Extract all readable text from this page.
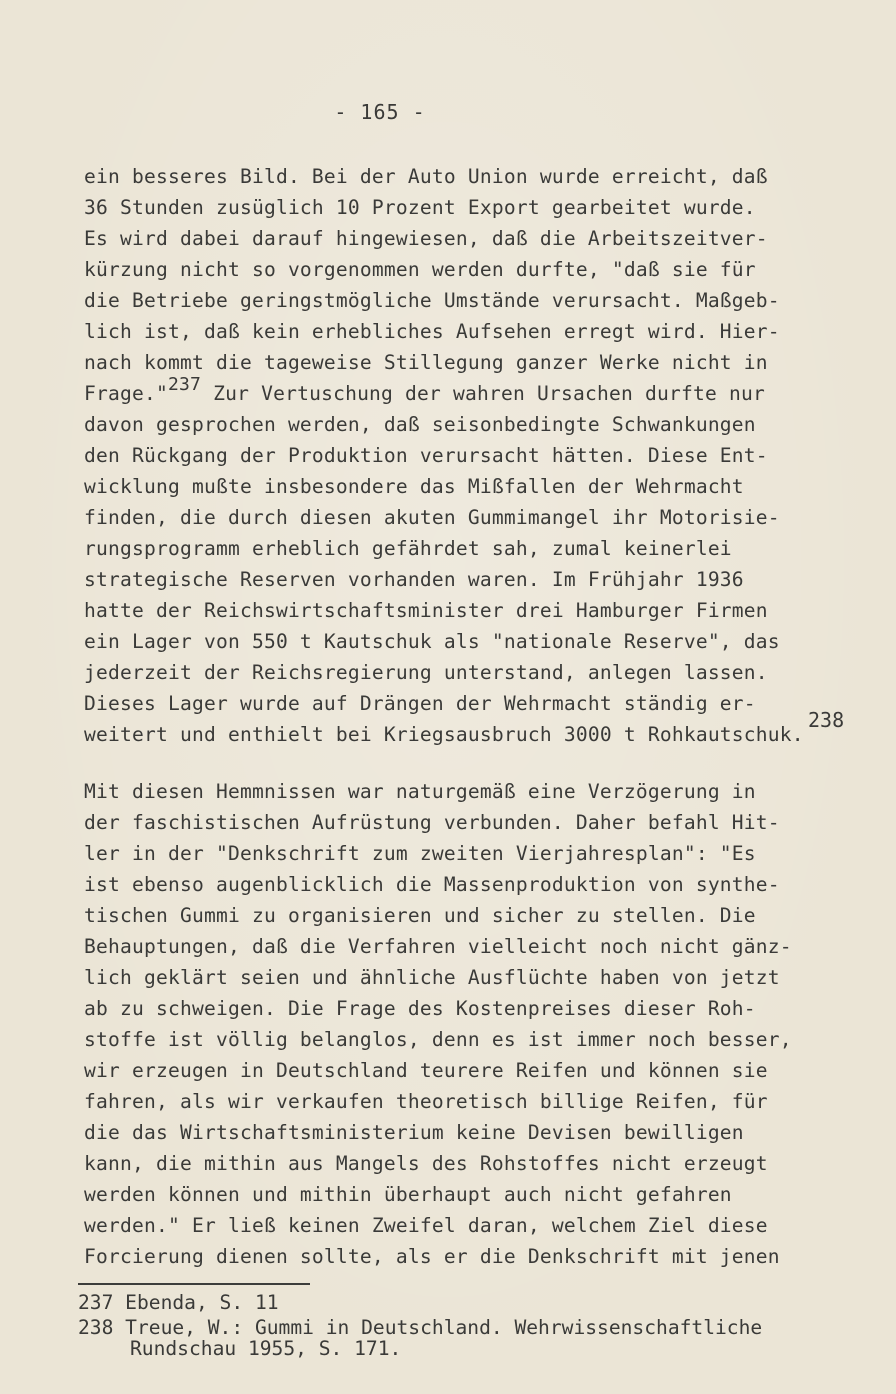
- 165 -
ein besseres Bild. Bei der Auto Union wurde erreicht, daß
36 Stunden zusüglich 10 Prozent Export gearbeitet wurde.
Es wird dabei darauf hingewiesen, daß die Arbeitszeitver-
kürzung nicht so vorgenommen werden durfte, "daß sie für
die Betriebe geringstmögliche Umstände verursacht. Maßgeb-
lich ist, daß kein erhebliches Aufsehen erregt wird. Hier-
nach kommt die tageweise Stillegung ganzer Werke nicht in
Frage."$^{237}$ Zur Vertuschung der wahren Ursachen durfte nur
davon gesprochen werden, daß seisonbedingte Schwankungen
den Rückgang der Produktion verursacht hätten. Diese Ent-
wicklung mußte insbesondere das Mißfallen der Wehrmacht
finden, die durch diesen akuten Gummimangel ihr Motorisie-
rungsprogramm erheblich gefährdet sah, zumal keinerlei
strategische Reserven vorhanden waren. Im Frühjahr 1936
hatte der Reichswirtschaftsminister drei Hamburger Firmen
ein Lager von 550 t Kautschuk als "nationale Reserve", das
jederzeit der Reichsregierung unterstand, anlegen lassen.
Dieses Lager wurde auf Drängen der Wehrmacht ständig er-
weitert und enthielt bei Kriegsausbruch 3000 t Rohkautschuk.
238
Mit diesen Hemmnissen war naturgemäß eine Verzögerung in
der faschistischen Aufrüstung verbunden. Daher befahl Hit-
ler in der "Denkschrift zum zweiten Vierjahresplan": "Es
ist ebenso augenblicklich die Massenproduktion von synthe-
tischen Gummi zu organisieren und sicher zu stellen. Die
Behauptungen, daß die Verfahren vielleicht noch nicht gänz-
lich geklärt seien und ähnliche Ausflüchte haben von jetzt
ab zu schweigen. Die Frage des Kostenpreises dieser Roh-
stoffe ist völlig belanglos, denn es ist immer noch besser,
wir erzeugen in Deutschland teurere Reifen und können sie
fahren, als wir verkaufen theoretisch billige Reifen, für
die das Wirtschaftsministerium keine Devisen bewilligen
kann, die mithin aus Mangels des Rohstoffes nicht erzeugt
werden können und mithin überhaupt auch nicht gefahren
werden." Er ließ keinen Zweifel daran, welchem Ziel diese
Forcierung dienen sollte, als er die Denkschrift mit jenen
237 Ebenda, S. 11
238 Treue, W.: Gummi in Deutschland. Wehrwissenschaftliche
Rundschau 1955, S. 171.
